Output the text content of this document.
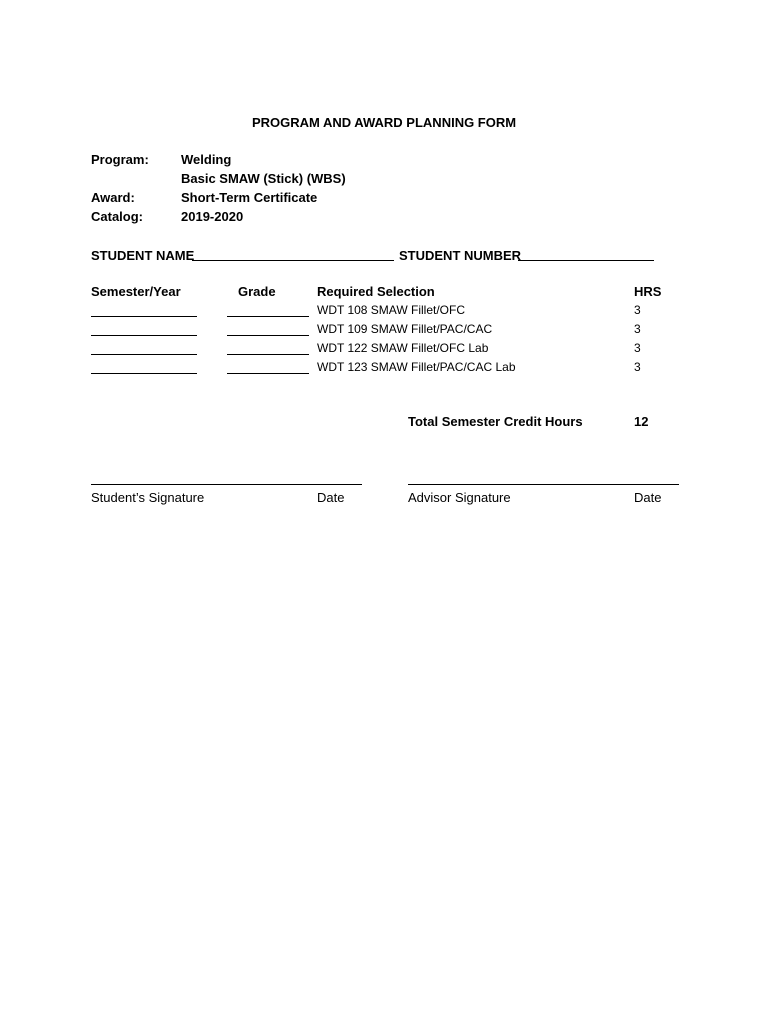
PROGRAM AND AWARD PLANNING FORM
Program: Welding
Basic SMAW (Stick) (WBS)
Award:	Short-Term Certificate
Catalog:	2019-2020
STUDENT NAME	STUDENT NUMBER
Semester/Year	Grade	Required Selection	HRS
WDT 108 SMAW Fillet/OFC	3
WDT 109 SMAW Fillet/PAC/CAC	3
WDT 122 SMAW Fillet/OFC Lab	3
WDT 123 SMAW Fillet/PAC/CAC Lab	3
Total Semester Credit Hours	12
Student’s Signature	Date	Advisor Signature	Date
